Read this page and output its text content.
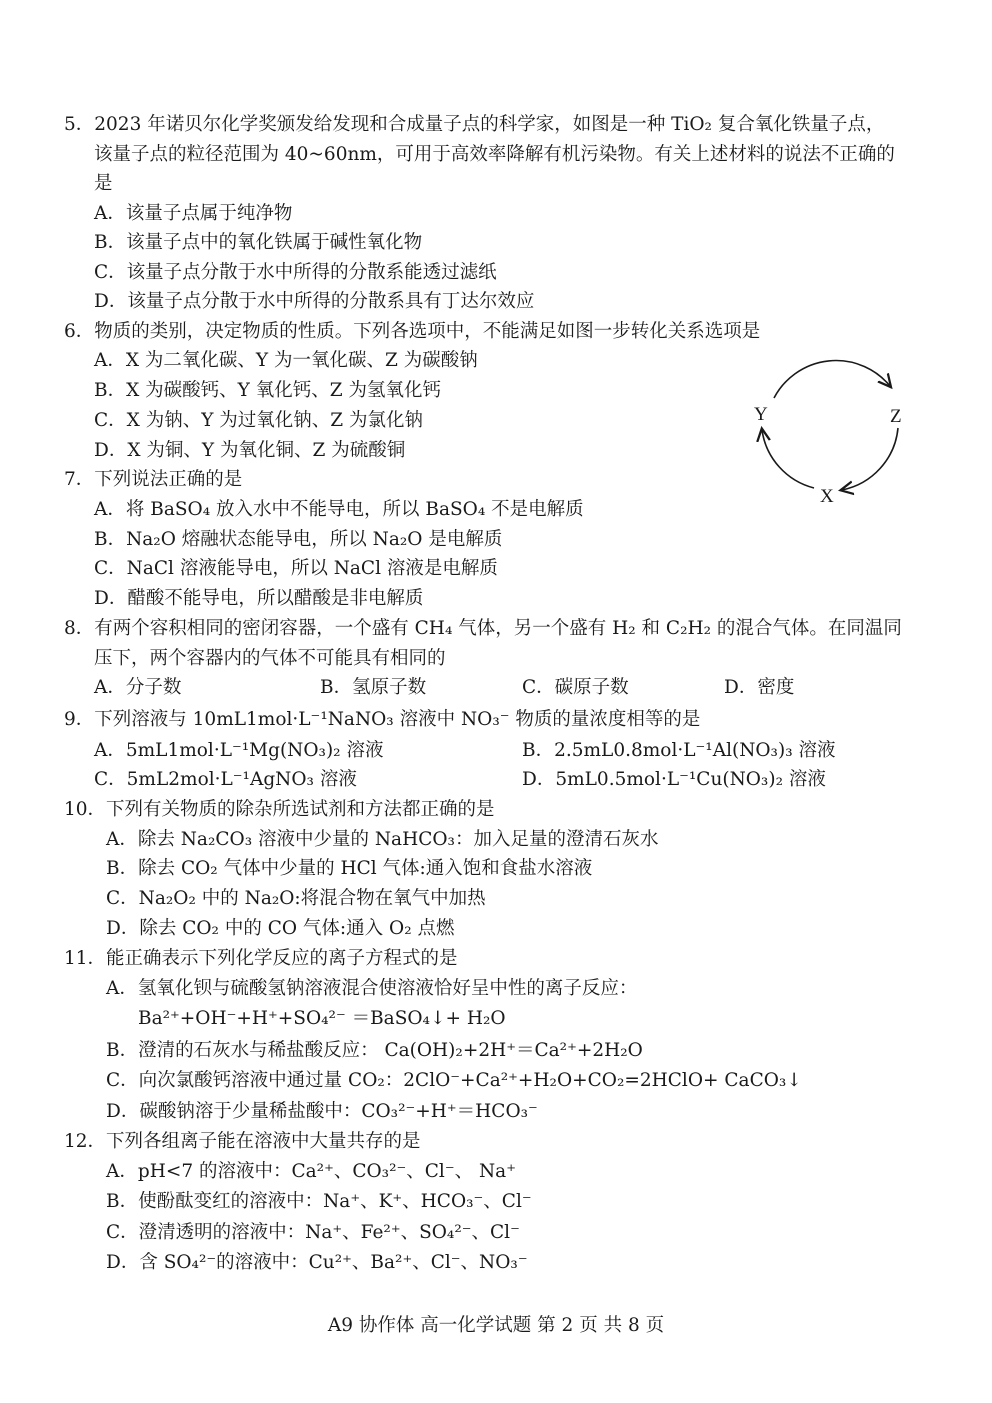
5．2023 年诺贝尔化学奖颁发给发现和合成量子点的科学家，如图是一种 TiO₂ 复合氧化铁量子点，
该量子点的粒径范围为 40~60nm，可用于高效率降解有机污染物。有关上述材料的说法不正确的
是
A．该量子点属于纯净物
B．该量子点中的氧化铁属于碱性氧化物
C．该量子点分散于水中所得的分散系能透过滤纸
D．该量子点分散于水中所得的分散系具有丁达尔效应
6．物质的类别，决定物质的性质。下列各选项中，不能满足如图一步转化关系选项是
A．X 为二氧化碳、Y 为一氧化碳、Z 为碳酸钠
B．X 为碳酸钙、Y 氧化钙、Z 为氢氧化钙
C．X 为钠、Y 为过氧化钠、Z 为氯化钠
D．X 为铜、Y 为氧化铜、Z 为硫酸铜
Y	Z
X
7．下列说法正确的是
A．将 BaSO₄ 放入水中不能导电，所以 BaSO₄ 不是电解质
B．Na₂O 熔融状态能导电，所以 Na₂O 是电解质
C．NaCl 溶液能导电，所以 NaCl 溶液是电解质
D．醋酸不能导电，所以醋酸是非电解质
8．有两个容积相同的密闭容器，一个盛有 CH₄ 气体，另一个盛有 H₂ 和 C₂H₂ 的混合气体。在同温同
压下，两个容器内的气体不可能具有相同的
A．分子数	B．氢原子数	C．碳原子数	D．密度
9．下列溶液与 10mL1mol·L⁻¹NaNO₃ 溶液中 NO₃⁻ 物质的量浓度相等的是
A．5mL1mol·L⁻¹Mg(NO₃)₂ 溶液	B．2.5mL0.8mol·L⁻¹Al(NO₃)₃ 溶液
C．5mL2mol·L⁻¹AgNO₃ 溶液	D．5mL0.5mol·L⁻¹Cu(NO₃)₂ 溶液
10．下列有关物质的除杂所选试剂和方法都正确的是
A．除去 Na₂CO₃ 溶液中少量的 NaHCO₃：加入足量的澄清石灰水
B．除去 CO₂ 气体中少量的 HCl 气体:通入饱和食盐水溶液
C．Na₂O₂ 中的 Na₂O:将混合物在氧气中加热
D．除去 CO₂ 中的 CO 气体:通入 O₂ 点燃
11．能正确表示下列化学反应的离子方程式的是
A．氢氧化钡与硫酸氢钠溶液混合使溶液恰好呈中性的离子反应：
Ba²⁺+OH⁻+H⁺+SO₄²⁻ ＝BaSO₄↓+ H₂O
B．澄清的石灰水与稀盐酸反应： Ca(OH)₂+2H⁺＝Ca²⁺+2H₂O
C．向次氯酸钙溶液中通过量 CO₂：2ClO⁻+Ca²⁺+H₂O+CO₂=2HClO+ CaCO₃↓
D．碳酸钠溶于少量稀盐酸中：CO₃²⁻+H⁺＝HCO₃⁻
12．下列各组离子能在溶液中大量共存的是
A．pH<7 的溶液中：Ca²⁺、CO₃²⁻、Cl⁻、 Na⁺
B．使酚酞变红的溶液中：Na⁺、K⁺、HCO₃⁻、Cl⁻
C．澄清透明的溶液中：Na⁺、Fe²⁺、SO₄²⁻、Cl⁻
D．含 SO₄²⁻的溶液中：Cu²⁺、Ba²⁺、Cl⁻、NO₃⁻
A9 协作体 高一化学试题 第 2 页 共 8 页
